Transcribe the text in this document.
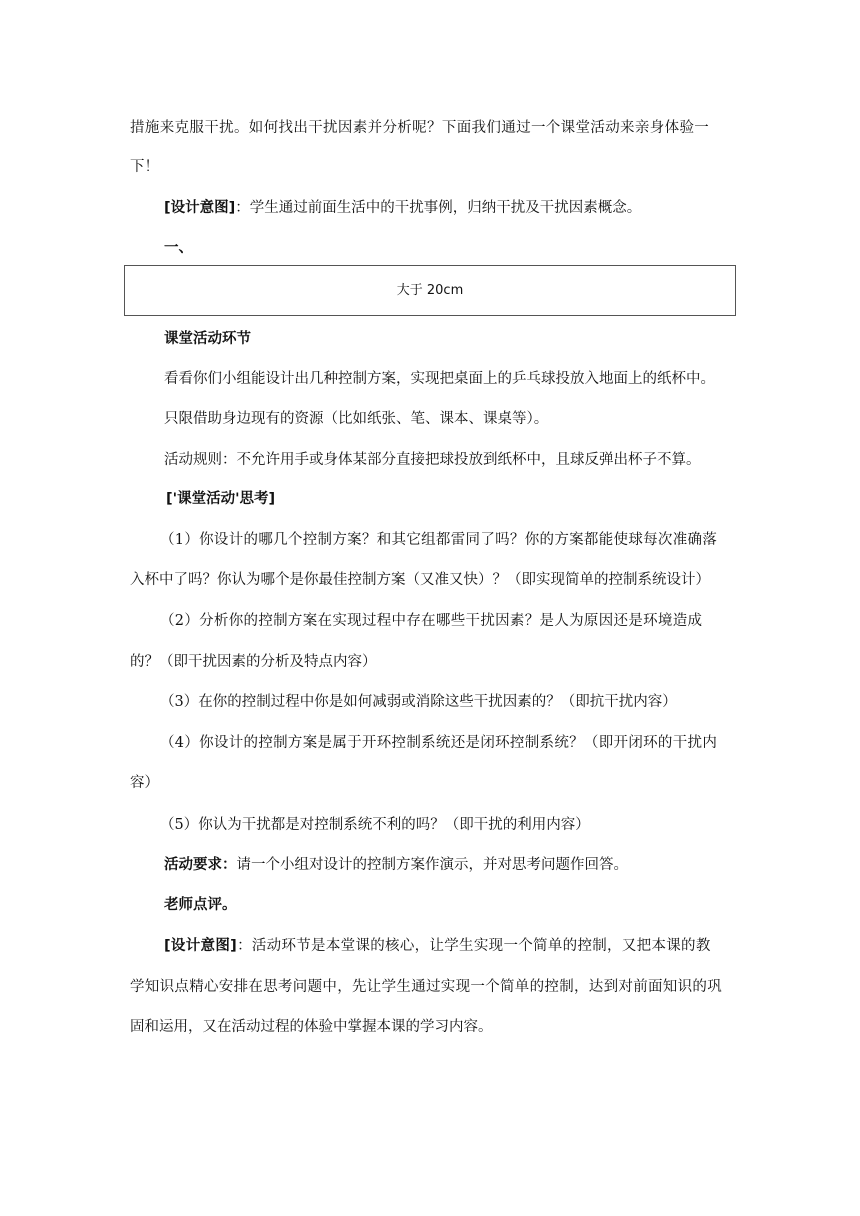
措施来克服干扰。如何找出干扰因素并分析呢？下面我们通过一个课堂活动来亲身体验一
下！
[设计意图]：学生通过前面生活中的干扰事例，归纳干扰及干扰因素概念。
一、
大于 20cm
课堂活动环节
看看你们小组能设计出几种控制方案，实现把桌面上的乒乓球投放入地面上的纸杯中。
只限借助身边现有的资源（比如纸张、笔、课本、课桌等）。
活动规则：不允许用手或身体某部分直接把球投放到纸杯中，且球反弹出杯子不算。
['课堂活动'思考]
（1）你设计的哪几个控制方案？和其它组都雷同了吗？你的方案都能使球每次准确落
入杯中了吗？你认为哪个是你最佳控制方案（又准又快）？（即实现简单的控制系统设计）
（2）分析你的控制方案在实现过程中存在哪些干扰因素？是人为原因还是环境造成
的？（即干扰因素的分析及特点内容）
（3）在你的控制过程中你是如何减弱或消除这些干扰因素的？（即抗干扰内容）
（4）你设计的控制方案是属于开环控制系统还是闭环控制系统？（即开闭环的干扰内
容）
（5）你认为干扰都是对控制系统不利的吗？（即干扰的利用内容）
活动要求：请一个小组对设计的控制方案作演示，并对思考问题作回答。
老师点评。
[设计意图]：活动环节是本堂课的核心，让学生实现一个简单的控制，又把本课的教
学知识点精心安排在思考问题中，先让学生通过实现一个简单的控制，达到对前面知识的巩
固和运用，又在活动过程的体验中掌握本课的学习内容。
